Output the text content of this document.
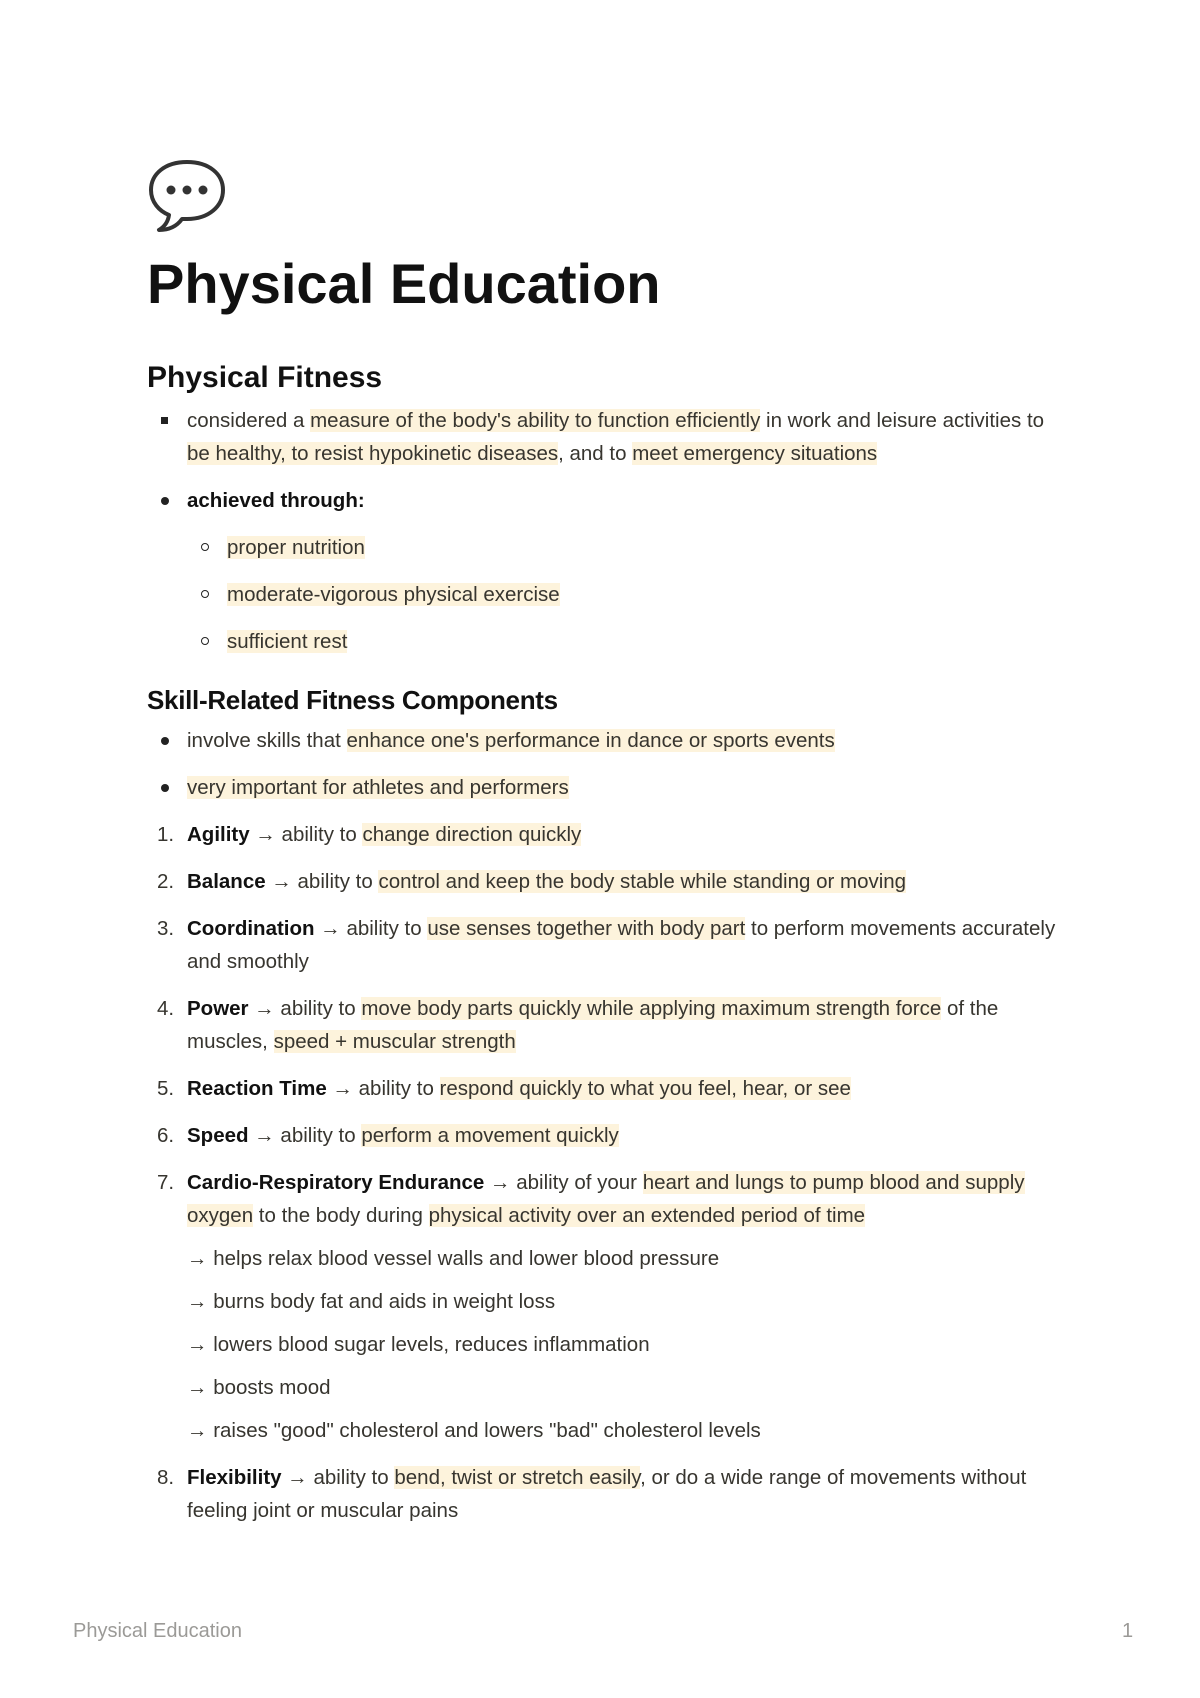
Physical Education
Physical Fitness
considered a measure of the body's ability to function efficiently in work and leisure activities to be healthy, to resist hypokinetic diseases, and to meet emergency situations
achieved through:
proper nutrition
moderate-vigorous physical exercise
sufficient rest
Skill-Related Fitness Components
involve skills that enhance one's performance in dance or sports events
very important for athletes and performers
1. Agility → ability to change direction quickly
2. Balance → ability to control and keep the body stable while standing or moving
3. Coordination → ability to use senses together with body part to perform movements accurately and smoothly
4. Power → ability to move body parts quickly while applying maximum strength force of the muscles, speed + muscular strength
5. Reaction Time → ability to respond quickly to what you feel, hear, or see
6. Speed → ability to perform a movement quickly
7. Cardio-Respiratory Endurance → ability of your heart and lungs to pump blood and supply oxygen to the body during physical activity over an extended period of time
→ helps relax blood vessel walls and lower blood pressure
→ burns body fat and aids in weight loss
→ lowers blood sugar levels, reduces inflammation
→ boosts mood
→ raises "good" cholesterol and lowers "bad" cholesterol levels
8. Flexibility → ability to bend, twist or stretch easily, or do a wide range of movements without feeling joint or muscular pains
Physical Education	1
